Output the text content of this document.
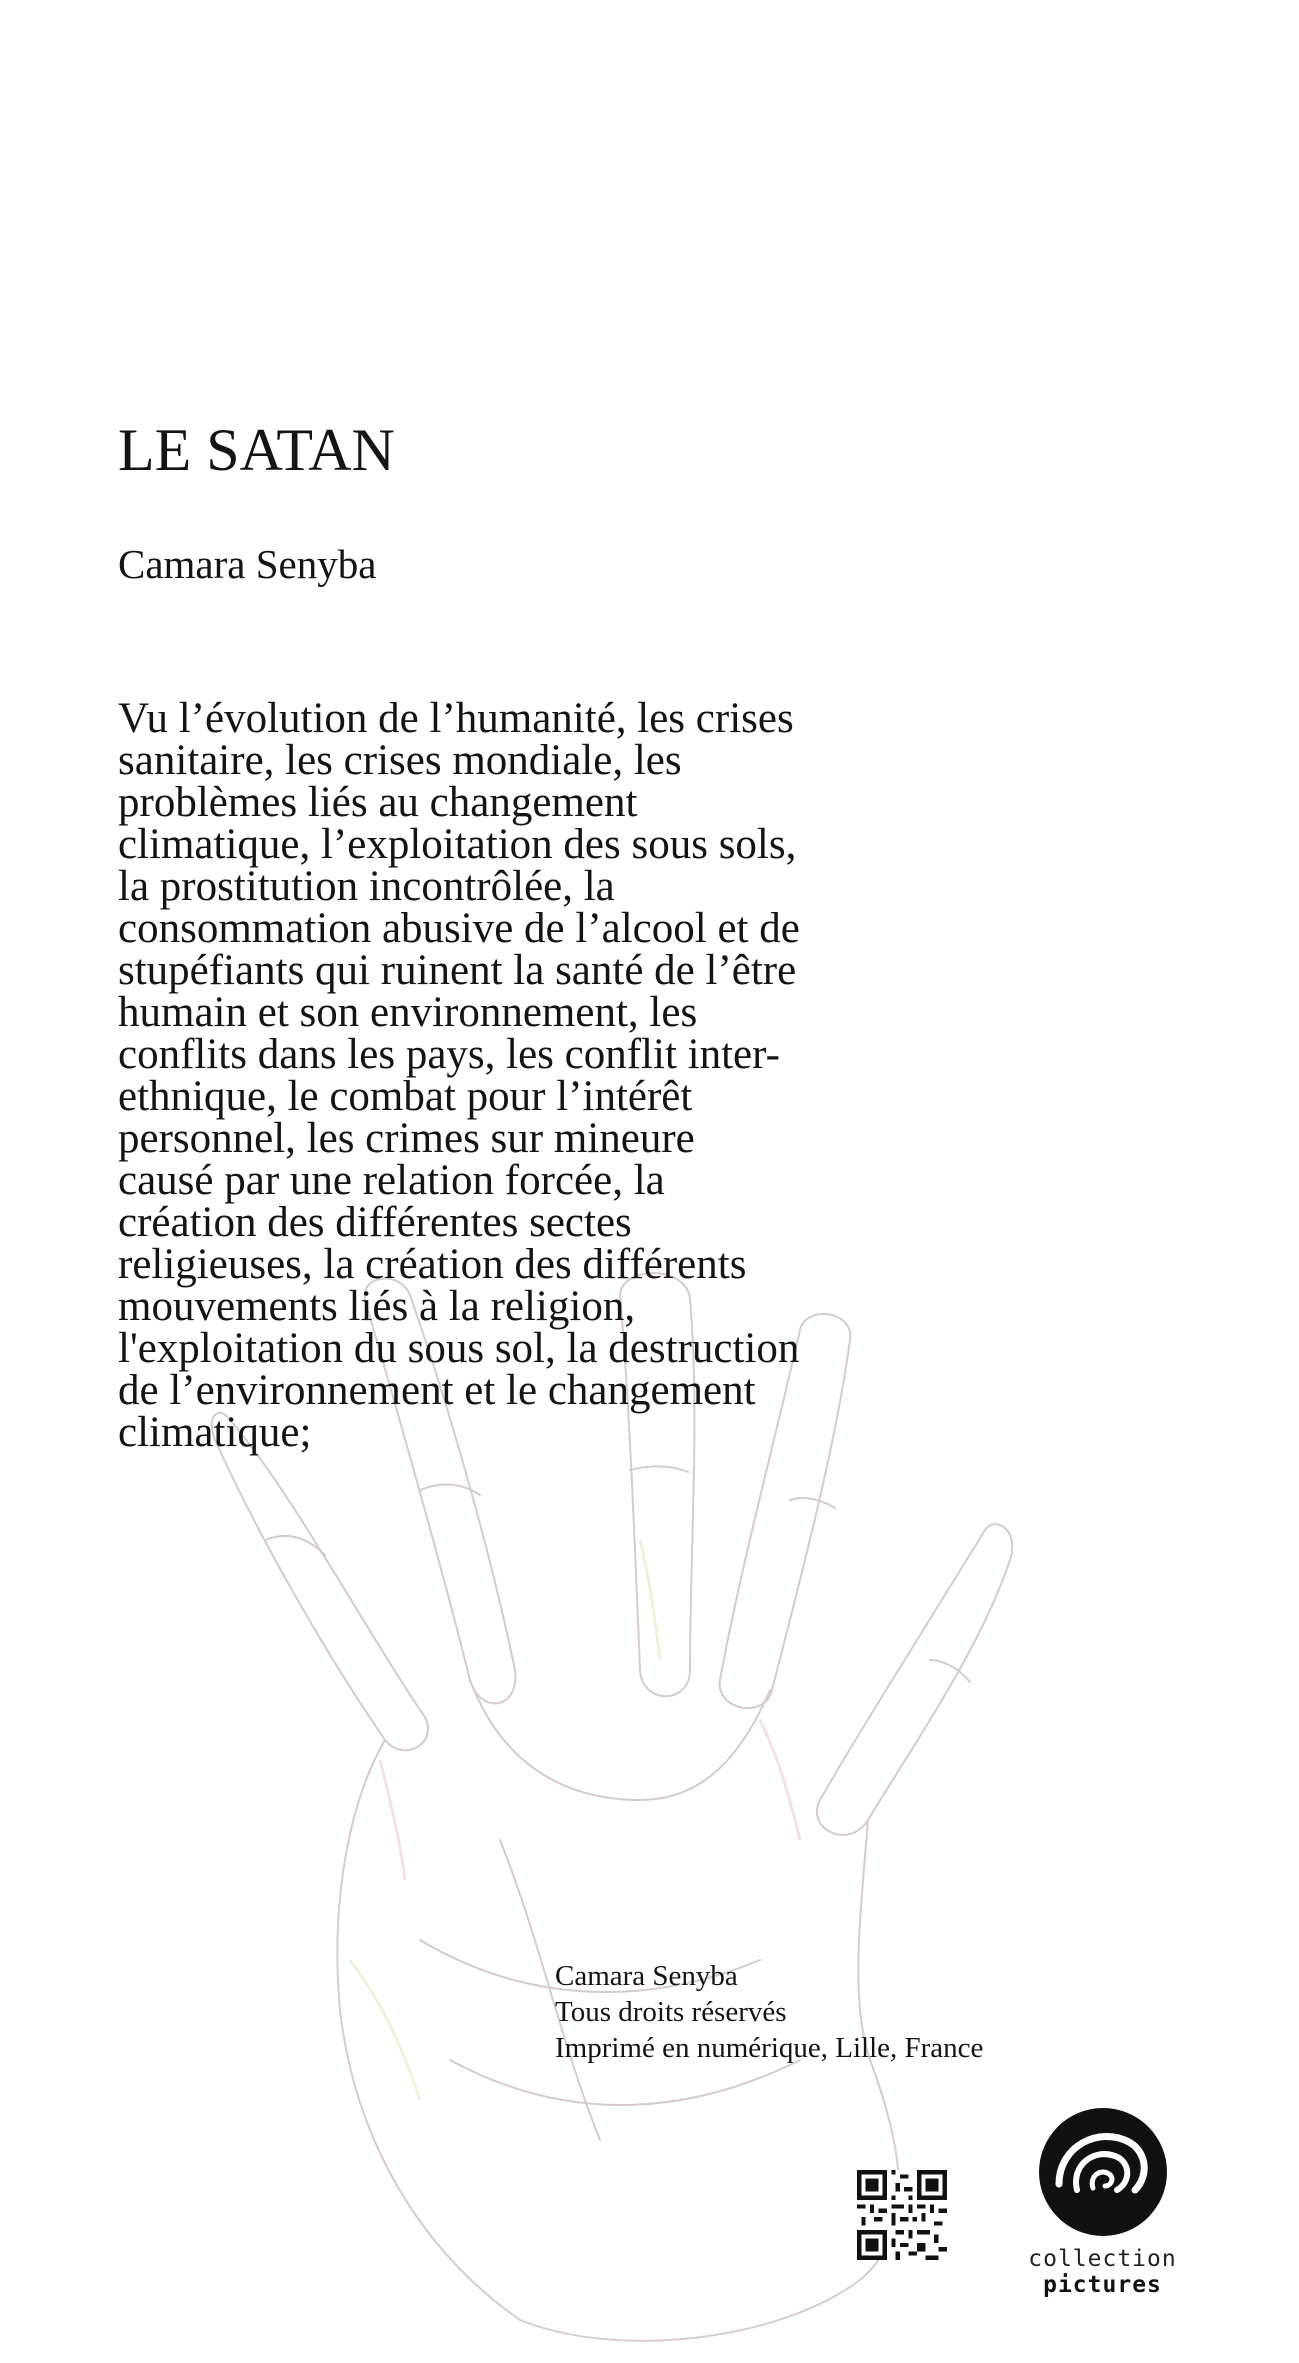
LE SATAN

Camara Senyba

Vu l’évolution de l’humanité, les crises
sanitaire, les crises mondiale, les
problèmes liés au changement
climatique, l’exploitation des sous sols,
la prostitution incontrôlée, la
consommation abusive de l’alcool et de
stupéfiants qui ruinent la santé de l’être
humain et son environnement, les
conflits dans les pays, les conflit inter-
ethnique, le combat pour l’intérêt
personnel, les crimes sur mineure
causé par une relation forcée, la
création des différentes sectes
religieuses, la création des différents
mouvements liés à la religion,
l'exploitation du sous sol, la destruction
de l’environnement et le changement
climatique;

Camara Senyba
Tous droits réservés
Imprimé en numérique, Lille, France
collection
pictures
